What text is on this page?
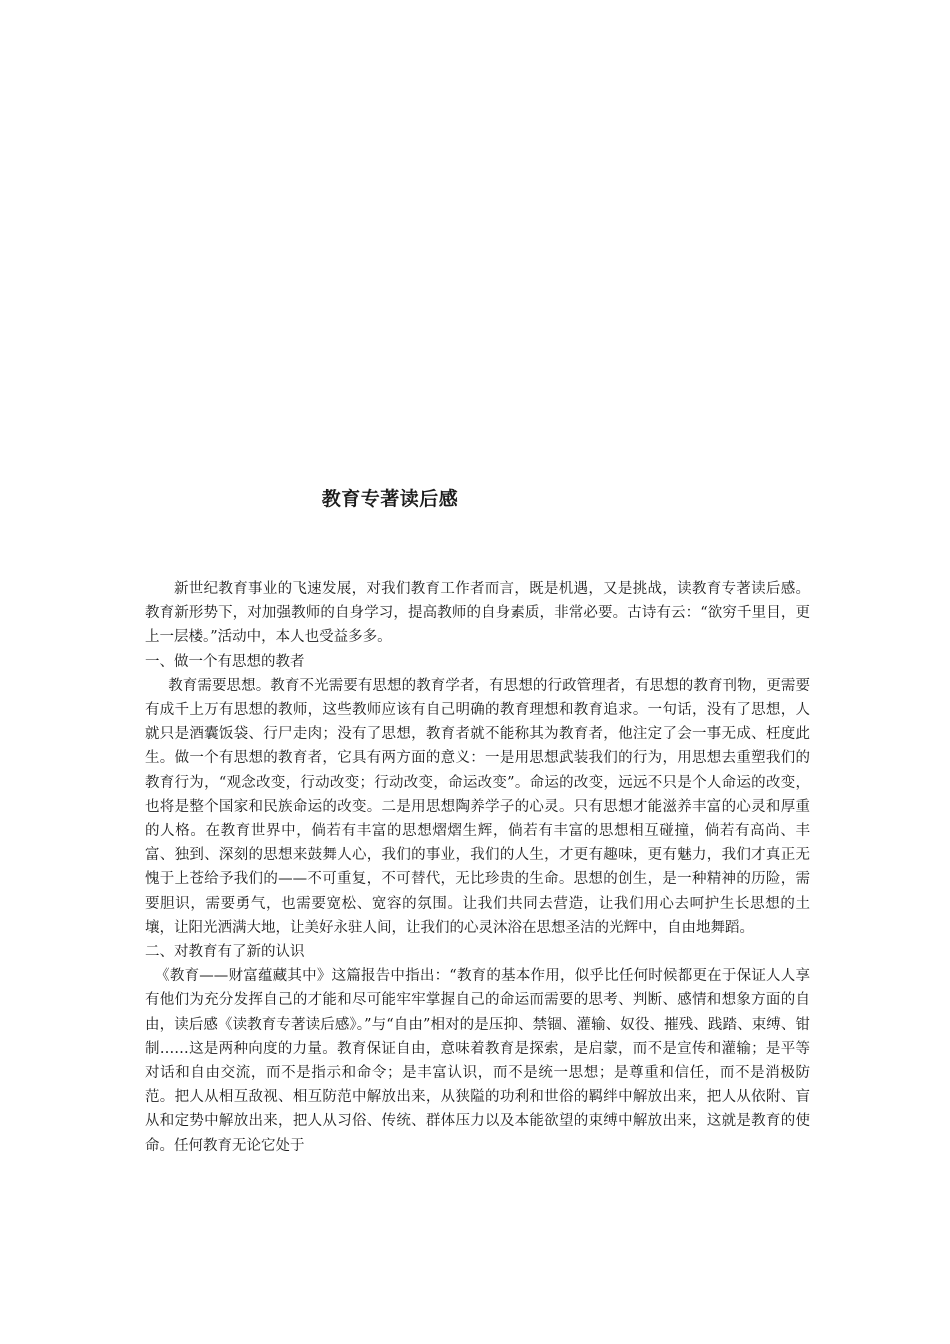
教育专著读后感

新世纪教育事业的飞速发展，对我们教育工作者而言，既是机遇，又是挑战，读教育专著读后感。教育新形势下，对加强教师的自身学习，提高教师的自身素质，非常必要。古诗有云：“欲穷千里目，更上一层楼。”活动中，本人也受益多多。

一、做一个有思想的教者

教育需要思想。教育不光需要有思想的教育学者，有思想的行政管理者，有思想的教育刊物，更需要有成千上万有思想的教师，这些教师应该有自己明确的教育理想和教育追求。一句话，没有了思想，人就只是酒囊饭袋、行尸走肉；没有了思想，教育者就不能称其为教育者，他注定了会一事无成、枉度此生。做一个有思想的教育者，它具有两方面的意义：一是用思想武装我们的行为，用思想去重塑我们的教育行为，“观念改变，行动改变；行动改变，命运改变”。命运的改变，远远不只是个人命运的改变，也将是整个国家和民族命运的改变。二是用思想陶养学子的心灵。只有思想才能滋养丰富的心灵和厚重的人格。在教育世界中，倘若有丰富的思想熠熠生辉，倘若有丰富的思想相互碰撞，倘若有高尚、丰富、独到、深刻的思想来鼓舞人心，我们的事业，我们的人生，才更有趣味，更有魅力，我们才真正无愧于上苍给予我们的——不可重复，不可替代，无比珍贵的生命。思想的创生，是一种精神的历险，需要胆识，需要勇气，也需要宽松、宽容的氛围。让我们共同去营造，让我们用心去呵护生长思想的土壤，让阳光洒满大地，让美好永驻人间，让我们的心灵沐浴在思想圣洁的光辉中，自由地舞蹈。

二、对教育有了新的认识

《教育——财富蕴藏其中》这篇报告中指出：“教育的基本作用，似乎比任何时候都更在于保证人人享有他们为充分发挥自己的才能和尽可能牢牢掌握自己的命运而需要的思考、判断、感情和想象方面的自由，读后感《读教育专著读后感》。”与“自由”相对的是压抑、禁锢、灌输、奴役、摧残、践踏、束缚、钳制……这是两种向度的力量。教育保证自由，意味着教育是探索，是启蒙，而不是宣传和灌输；是平等对话和自由交流，而不是指示和命令；是丰富认识，而不是统一思想；是尊重和信任，而不是消极防范。把人从相互敌视、相互防范中解放出来，从狭隘的功利和世俗的羁绊中解放出来，把人从依附、盲从和定势中解放出来，把人从习俗、传统、群体压力以及本能欲望的束缚中解放出来，这就是教育的使命。任何教育无论它处于
